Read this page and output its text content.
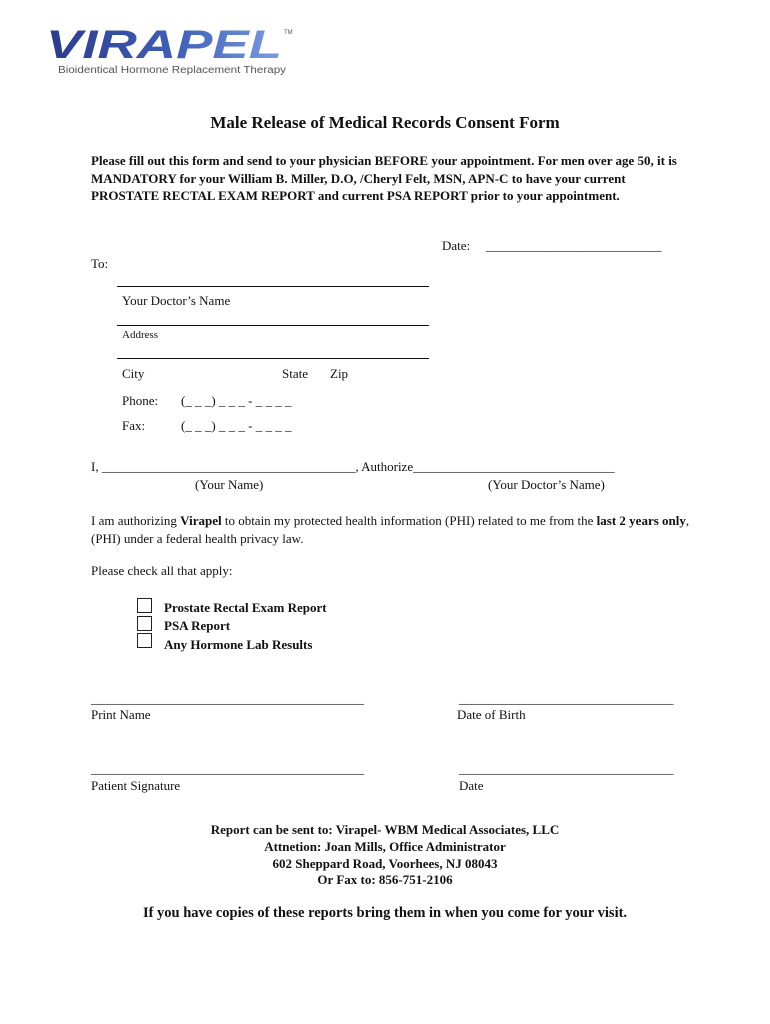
VIRAPEL TM
Bioidentical Hormone Replacement Therapy
Male Release of Medical Records Consent Form
Please fill out this form and send to your physician BEFORE your appointment. For men over age 50, it is MANDATORY for your William B. Miller, D.O, /Cheryl Felt, MSN, APN-C to have your current PROSTATE RECTAL EXAM REPORT and current PSA REPORT prior to your appointment.
Date: ___________________________
To:
Your Doctor’s Name
Address
City	State Zip
Phone: (_ _ _) _ _ _ - _ _ _ _
Fax:	(_ _ _) _ _ _ - _ _ _ _
I, _______________________________________, Authorize_______________________________
(Your Name)	(Your Doctor’s Name)
I am authorizing Virapel to obtain my protected health information (PHI) related to me from the last 2 years only, (PHI) under a federal health privacy law.
Please check all that apply:
Prostate Rectal Exam Report
PSA Report
Any Hormone Lab Results
__________________________________________	_________________________________
Print Name	Date of Birth
__________________________________________	_________________________________
Patient Signature	Date
Report can be sent to: Virapel- WBM Medical Associates, LLC
Attnetion: Joan Mills, Office Administrator
602 Sheppard Road, Voorhees, NJ 08043
Or Fax to: 856-751-2106
If you have copies of these reports bring them in when you come for your visit.
